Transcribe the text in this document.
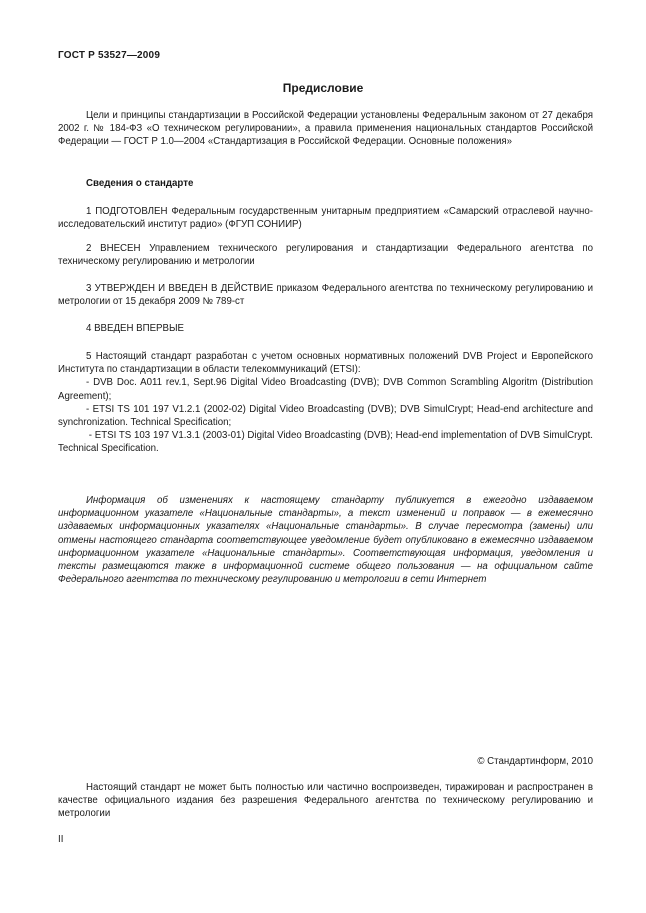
ГОСТ Р 53527—2009
Предисловие
Цели и принципы стандартизации в Российской Федерации установлены Федеральным законом от 27 декабря 2002 г. № 184-ФЗ «О техническом регулировании», а правила применения национальных стандартов Российской Федерации — ГОСТ Р 1.0—2004 «Стандартизация в Российской Федерации. Основные положения»
Сведения о стандарте
1 ПОДГОТОВЛЕН Федеральным государственным унитарным предприятием «Самарский отраслевой научно-исследовательский институт радио» (ФГУП СОНИИР)
2 ВНЕСЕН Управлением технического регулирования и стандартизации Федерального агентства по техническому регулированию и метрологии
3 УТВЕРЖДЕН И ВВЕДЕН В ДЕЙСТВИЕ приказом Федерального агентства по техническому регулированию и метрологии от 15 декабря 2009 № 789-ст
4 ВВЕДЕН ВПЕРВЫЕ
5 Настоящий стандарт разработан с учетом основных нормативных положений DVB Project и Европейского Института по стандартизации в области телекоммуникаций (ETSI):
- DVB Doc. A011 rev.1, Sept.96 Digital Video Broadcasting (DVB); DVB Common Scrambling Algoritm (Distribution Agreement);
- ETSI TS 101 197 V1.2.1 (2002-02) Digital Video Broadcasting (DVB); DVB SimulCrypt; Head-end architecture and synchronization. Technical Specification;
- ETSI TS 103 197 V1.3.1 (2003-01) Digital Video Broadcasting (DVB); Head-end implementation of DVB SimulCrypt. Technical Specification.
Информация об изменениях к настоящему стандарту публикуется в ежегодно издаваемом информационном указателе «Национальные стандарты», а текст изменений и поправок — в ежемесячно издаваемых информационных указателях «Национальные стандарты». В случае пересмотра (замены) или отмены настоящего стандарта соответствующее уведомление будет опубликовано в ежемесячно издаваемом информационном указателе «Национальные стандарты». Соответствующая информация, уведомления и тексты размещаются также в информационной системе общего пользования — на официальном сайте Федерального агентства по техническому регулированию и метрологии в сети Интернет
© Стандартинформ, 2010
Настоящий стандарт не может быть полностью или частично воспроизведен, тиражирован и распространен в качестве официального издания без разрешения Федерального агентства по техническому регулированию и метрологии
II
